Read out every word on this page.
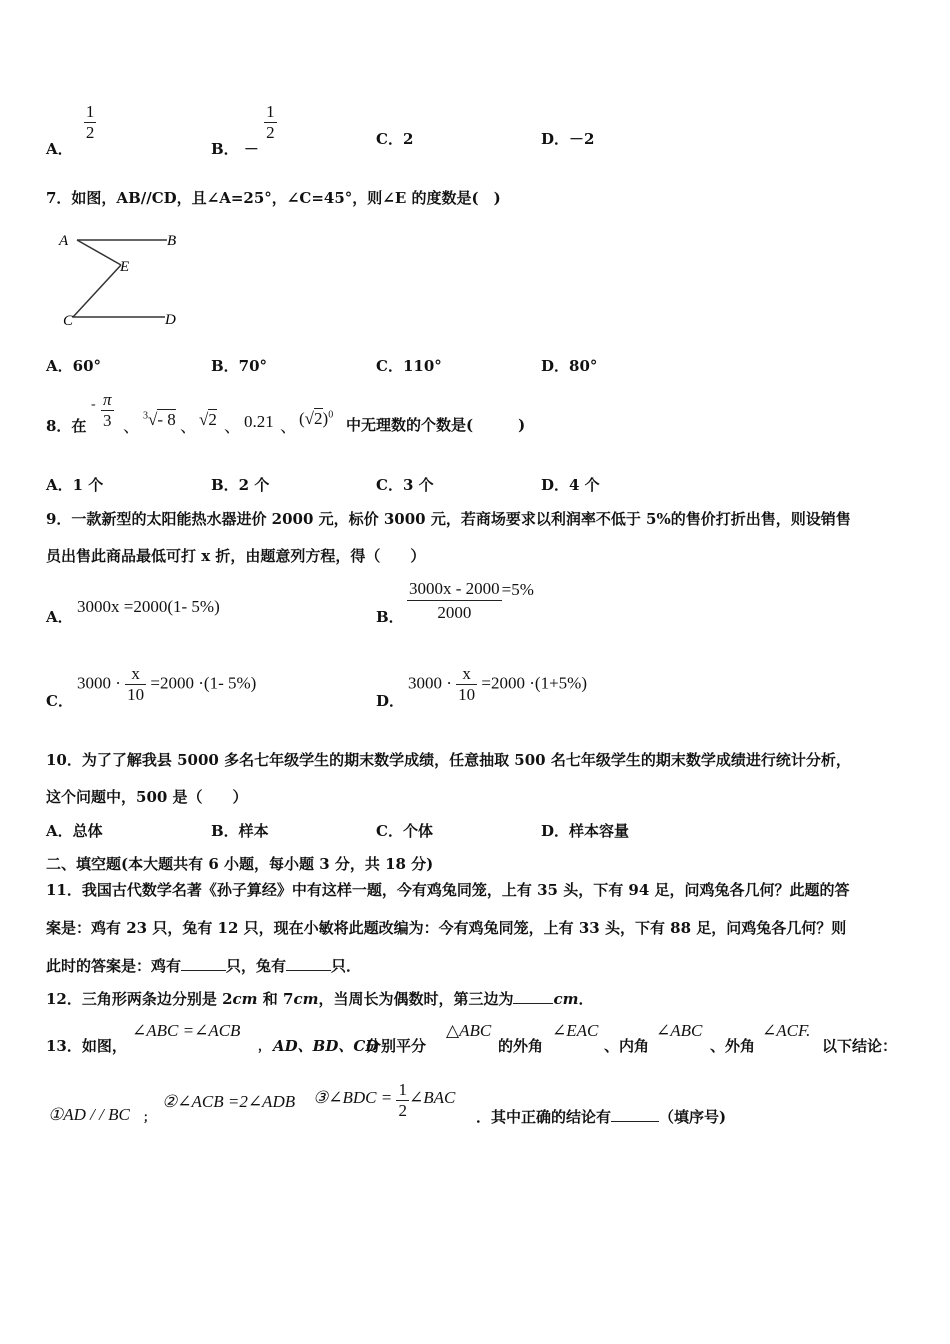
A．
$\frac{1}{2}$
B． －
$\frac{1}{2}$	C．2	D．－2
7．如图，AB//CD，且∠A=25°，∠C=45°，则∠E 的度数是(　)
A	B
E
C	D
A．60°	B．70°	C．110°	D．80°
8．在
- $\frac{\pi}{3}$ 、
$^3$√- 8 、 √2 、 0.21 、 $(√2)^0$
中无理数的个数是(　　　)
A．1 个	B．2 个	C．3 个	D．4 个
9．一款新型的太阳能热水器进价 2000 元，标价 3000 元，若商场要求以利润率不低于 5%的售价打折出售，则设销售
员出售此商品最低可打 x 折，由题意列方程，得（　　）
A．
3000x =2000(1- 5%)
B． $\frac{3000x - 2000}{2000} =5\%$
C．
$3000 \cdot \frac{x}{10} =2000 \cdot(1-$ 5%)
D．
$3000 \cdot \frac{x}{10} =2000 \cdot(1+5\%)$
10．为了了解我县 5000 多名七年级学生的期末数学成绩，任意抽取 500 名七年级学生的期末数学成绩进行统计分析，
这个问题中，500 是（　　）
A．总体	B．样本	C．个体	D．样本容量
二、填空题(本大题共有 6 小题，每小题 3 分，共 18 分)
11．我国古代数学名著《孙子算经》中有这样一题，今有鸡兔同笼，上有 35 头，下有 94 足，问鸡兔各几何？此题的答
案是：鸡有 23 只，兔有 12 只，现在小敏将此题改编为：今有鸡兔同笼，上有 33 头，下有 88 足，问鸡兔各几何？则
此时的答案是：鸡有	只，兔有	只．
12．三角形两条边分别是 2cm 和 7cm，当周长为偶数时，第三边为	cm．
13．如图，
∠ABC =∠ACB
， AD、BD、CD
分别平分
△ABC
的外角
∠EAC
、内角
∠ABC
、外角
∠ACF.
以下结论：
①AD / / BC ；
②∠ACB =2∠ADB ③∠BDC = $\frac{1}{2}$ ∠BAC
．其中正确的结论有	（填序号)
